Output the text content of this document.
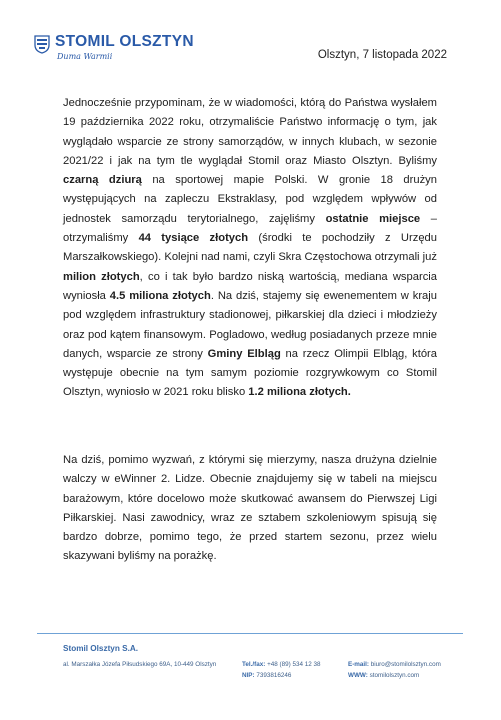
STOMIL OLSZTYN
Duma Warmii	Olsztyn, 7 listopada 2022

Jednocześnie przypominam, że w wiadomości, którą do Państwa wysłałem 19 października 2022 roku, otrzymaliście Państwo informację o tym, jak wyglądało wsparcie ze strony samorządów, w innych klubach, w sezonie 2021/22 i jak na tym tle wyglądał Stomil oraz Miasto Olsztyn. Byliśmy czarną dziurą na sportowej mapie Polski. W gronie 18 drużyn występujących na zapleczu Ekstraklasy, pod względem wpływów od jednostek samorządu terytorialnego, zajęliśmy ostatnie miejsce – otrzymaliśmy 44 tysiące złotych (środki te pochodziły z Urzędu Marszałkowskiego). Kolejni nad nami, czyli Skra Częstochowa otrzymali już milion złotych, co i tak było bardzo niską wartością, mediana wsparcia wyniosła 4.5 miliona złotych. Na dziś, stajemy się ewenementem w kraju pod względem infrastruktury stadionowej, piłkarskiej dla dzieci i młodzieży oraz pod kątem finansowym. Pogladowo, według posiadanych przeze mnie danych, wsparcie ze strony Gminy Elbląg na rzecz Olimpii Elbląg, która występuje obecnie na tym samym poziomie rozgrywkowym co Stomil Olsztyn, wyniosło w 2021 roku blisko 1.2 miliona złotych.

Na dziś, pomimo wyzwań, z którymi się mierzymy, nasza drużyna dzielnie walczy w eWinner 2. Lidze. Obecnie znajdujemy się w tabeli na miejscu barażowym, które docelowo może skutkować awansem do Pierwszej Ligi Piłkarskiej. Nasi zawodnicy, wraz ze sztabem szkoleniowym spisują się bardzo dobrze, pomimo tego, że przed startem sezonu, przez wielu skazywani byliśmy na porażkę.

Stomil Olsztyn S.A.
al. Marszałka Józefa Piłsudskiego 69A, 10-449 Olsztyn	Tel./fax: +48 (89) 534 12 38
NIP: 7393816246
E-mail: biuro@stomilolsztyn.com
WWW: stomilolsztyn.com
